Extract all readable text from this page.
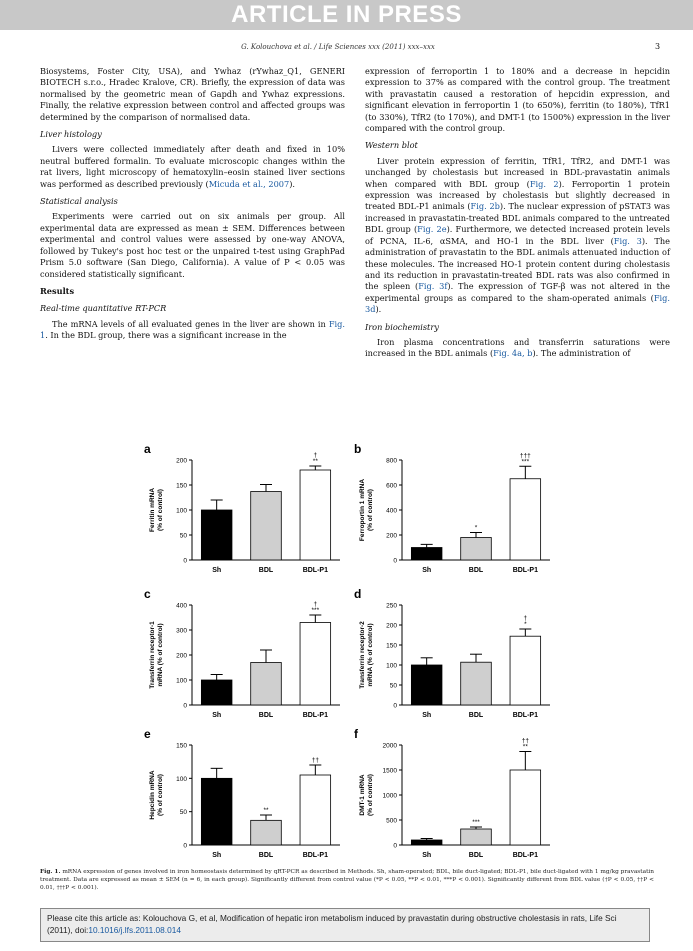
ARTICLE IN PRESS
G. Kolouchova et al. / Life Sciences xxx (2011) xxx–xxx	3

Biosystems, Foster City, USA), and Ywhaz (rYwhaz_Q1, GENERI BIOTECH s.r.o., Hradec Kralove, CR). Briefly, the expression of data was normalised by the geometric mean of Gapdh and Ywhaz expressions. Finally, the relative expression between control and affected groups was determined by the comparison of normalised data.

Liver histology

Livers were collected immediately after death and fixed in 10% neutral buffered formalin. To evaluate microscopic changes within the rat livers, light microscopy of hematoxylin–eosin stained liver sections was performed as described previously (Micuda et al., 2007).

Statistical analysis

Experiments were carried out on six animals per group. All experimental data are expressed as mean ± SEM. Differences between experimental and control values were assessed by one-way ANOVA, followed by Tukey's post hoc test or the unpaired t-test using GraphPad Prism 5.0 software (San Diego, California). A value of P < 0.05 was considered statistically significant.

Results

Real-time quantitative RT-PCR

The mRNA levels of all evaluated genes in the liver are shown in Fig. 1. In the BDL group, there was a significant increase in the

expression of ferroportin 1 to 180% and a decrease in hepcidin expression to 37% as compared with the control group. The treatment with pravastatin caused a restoration of hepcidin expression, and significant elevation in ferroportin 1 (to 650%), ferritin (to 180%), TfR1 (to 330%), TfR2 (to 170%), and DMT-1 (to 1500%) expression in the liver compared with the control group.

Western blot

Liver protein expression of ferritin, TfR1, TfR2, and DMT-1 was unchanged by cholestasis but increased in BDL-pravastatin animals when compared with BDL group (Fig. 2). Ferroportin 1 protein expression was increased by cholestasis but slightly decreased in treated BDL-P1 animals (Fig. 2b). The nuclear expression of pSTAT3 was increased in pravastatin-treated BDL animals compared to the untreated BDL group (Fig. 2e). Furthermore, we detected increased protein levels of PCNA, IL-6, αSMA, and HO-1 in the BDL liver (Fig. 3). The administration of pravastatin to the BDL animals attenuated induction of these molecules. The increased HO-1 protein content during cholestasis and its reduction in pravastatin-treated BDL rats was also confirmed in the spleen (Fig. 3f). The expression of TGF-β was not altered in the experimental groups as compared to the sham-operated animals (Fig. 3d).

Iron biochemistry

Iron plasma concentrations and transferrin saturations were increased in the BDL animals (Fig. 4a, b). The administration of

a
0
50
100
150
200
Ferritin mRNA (% of control)
Sh	BDL
†
**
BDL-P1
b
0
200
400
600
800
Ferroportin 1 mRNA (% of control)
Sh
*
BDL
†††
***
BDL-P1
c
0
100
200
300
400
Transferrin receptor-1 mRNA (% of control)
Sh	BDL
†
***
BDL-P1
d
0
50
100
150
200
250
Transferrin receptor-2 mRNA (% of control)
Sh	BDL
†
*
BDL-P1
e
0
50
100
150
Hepcidin mRNA (% of control)
Sh
**
BDL
††
BDL-P1
f
0
500
1000
1500
2000
DMT-1 mRNA (% of control)
Sh
***
BDL
††
**
BDL-P1
Fig. 1. mRNA expression of genes involved in iron homeostasis determined by qRT-PCR as described in Methods. Sh, sham-operated; BDL, bile duct-ligated; BDL-P1, bile duct-ligated with 1 mg/kg pravastatin treatment. Data are expressed as mean ± SEM (n = 6, in each group). Significantly different from control value (*P < 0.05, **P < 0.01, ***P < 0.001). Significantly different from BDL value (†P < 0.05, ††P < 0.01, †††P < 0.001).
Please cite this article as: Kolouchova G, et al, Modification of hepatic iron metabolism induced by pravastatin during obstructive cholestasis in rats, Life Sci (2011), doi:10.1016/j.lfs.2011.08.014
